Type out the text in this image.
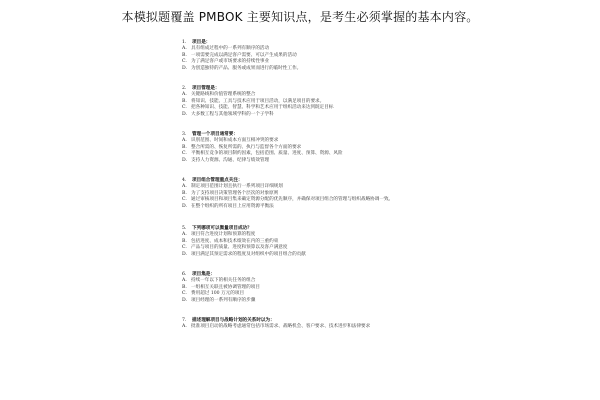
本模拟题覆盖 PMBOK 主要知识点，是考生必须掌握的基本内容。
1. 项目是：
A. 具有组成过程中的一系列有顺序的活动
B. 一项需要完成以满足客户需要、可以产生成果的活动
C. 为了满足客户或市场要求的持续性事业
D. 为创造独特的产品、服务或成果而进行的临时性工作。
2. 项目管理是：
A. 关键路线和价值管理系统的整合
B. 将知识、技能、工具与技术应用于项目活动，以满足项目的要求。
C. 把各种知识、技能、智慧、科学和艺术应用于组织活动来达到既定目标
D. 大多数工程与其他领域学科的一个子学科
3. 管理一个项目通常要：
A. 识别范围、时间和成本方面互相冲突的要求
B. 整合所需的、恢复所需的、执行与监督各个方面的要求
C. 平衡相互竞争的项目制约因素，包括范围、质量、进度、预算、资源、风险
D. 支持人力资源、沟通、纪律与绩效管理
4. 项目组合管理重点关注：
A. 制定项目范围计划且执行一系列项目详细规划
B. 为了支持项目决策管理各个层次的对象原则
C. 通过审核项目和项目集来确定资源分配的优先顺序，并确保对项目组合的管理与组织战略协调一致。
D. 在整个组织的所有项目上应用资源平衡法
5. 下列哪项可以衡量项目成功？
A. 项目符合进度计划和预算的程度
B. 包括进度、成本和技术绩效在内的三重约束
C. 产品与项目的质量、进度和预算以及客户满意度
D. 项目满足其预定需求的程度及对组织中的项目组合的贡献
6. 项目集是：
A. 持续一年以下的相关任务的组合
B. 一组相互关联且被协调管理的项目
C. 费用超过 100 万元的项目
D. 项目经理的一系列有顺序的步骤
7. 描述理解项目与战略计划的关系时以为：
A. 批准项目启动的战略考虑通常包括市场需求、战略机会、客户要求、技术进步和法律要求
